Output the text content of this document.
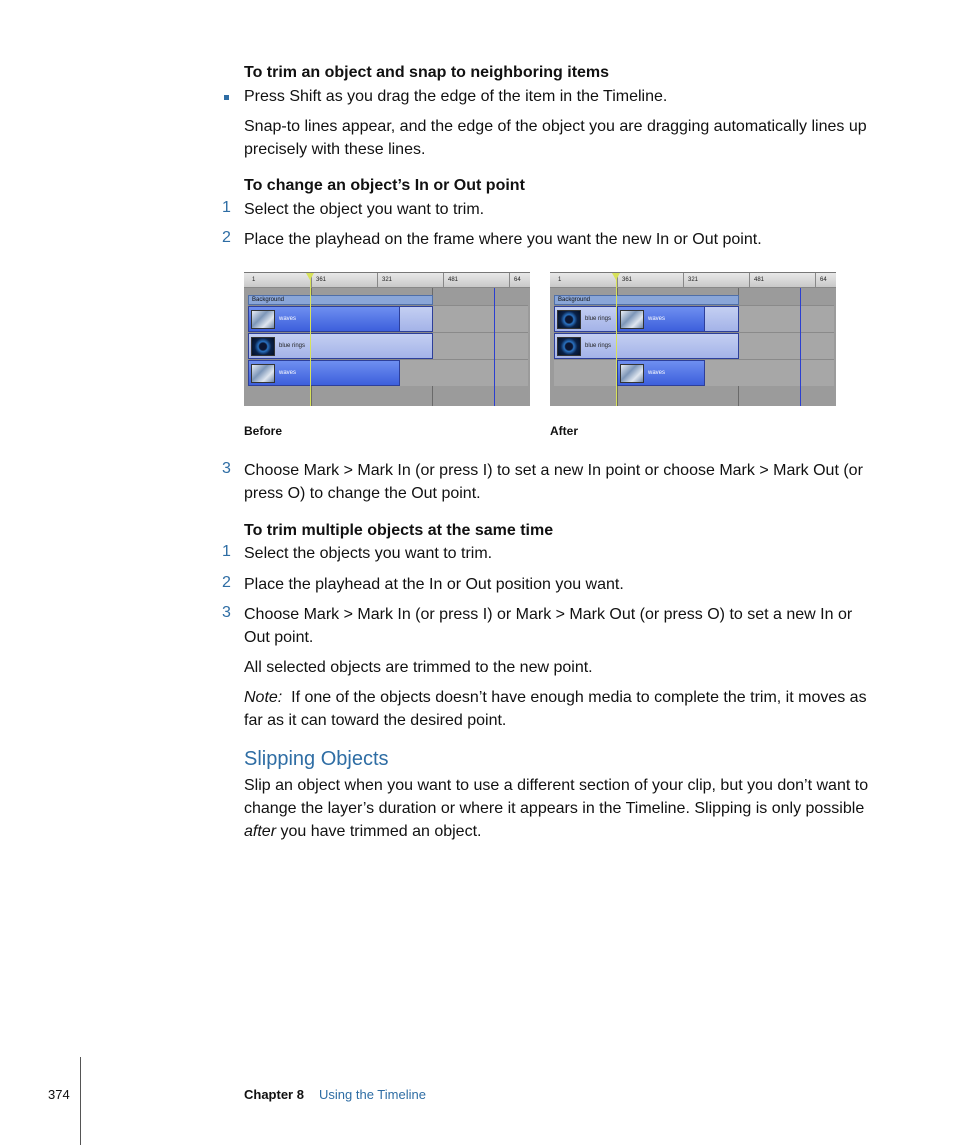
To trim an object and snap to neighboring items
Press Shift as you drag the edge of the item in the Timeline.
Snap-to lines appear, and the edge of the object you are dragging automatically lines up precisely with these lines.
To change an object’s In or Out point
1 Select the object you want to trim.
2 Place the playhead on the frame where you want the new In or Out point.
1	361	321	481	64
Background
waves
blue rings
waves
Before
1	361	321	481	64
Background
blue rings	waves
blue rings
waves
After
3 Choose Mark > Mark In (or press I) to set a new In point or choose Mark > Mark Out (or press O) to change the Out point.
To trim multiple objects at the same time
1 Select the objects you want to trim.
2 Place the playhead at the In or Out position you want.
3 Choose Mark > Mark In (or press I) or Mark > Mark Out (or press O) to set a new In or Out point.
All selected objects are trimmed to the new point.
Note: If one of the objects doesn’t have enough media to complete the trim, it moves as far as it can toward the desired point.
Slipping Objects
Slip an object when you want to use a different section of your clip, but you don’t want to change the layer’s duration or where it appears in the Timeline. Slipping is only possible after you have trimmed an object.
374	Chapter 8 Using the Timeline
